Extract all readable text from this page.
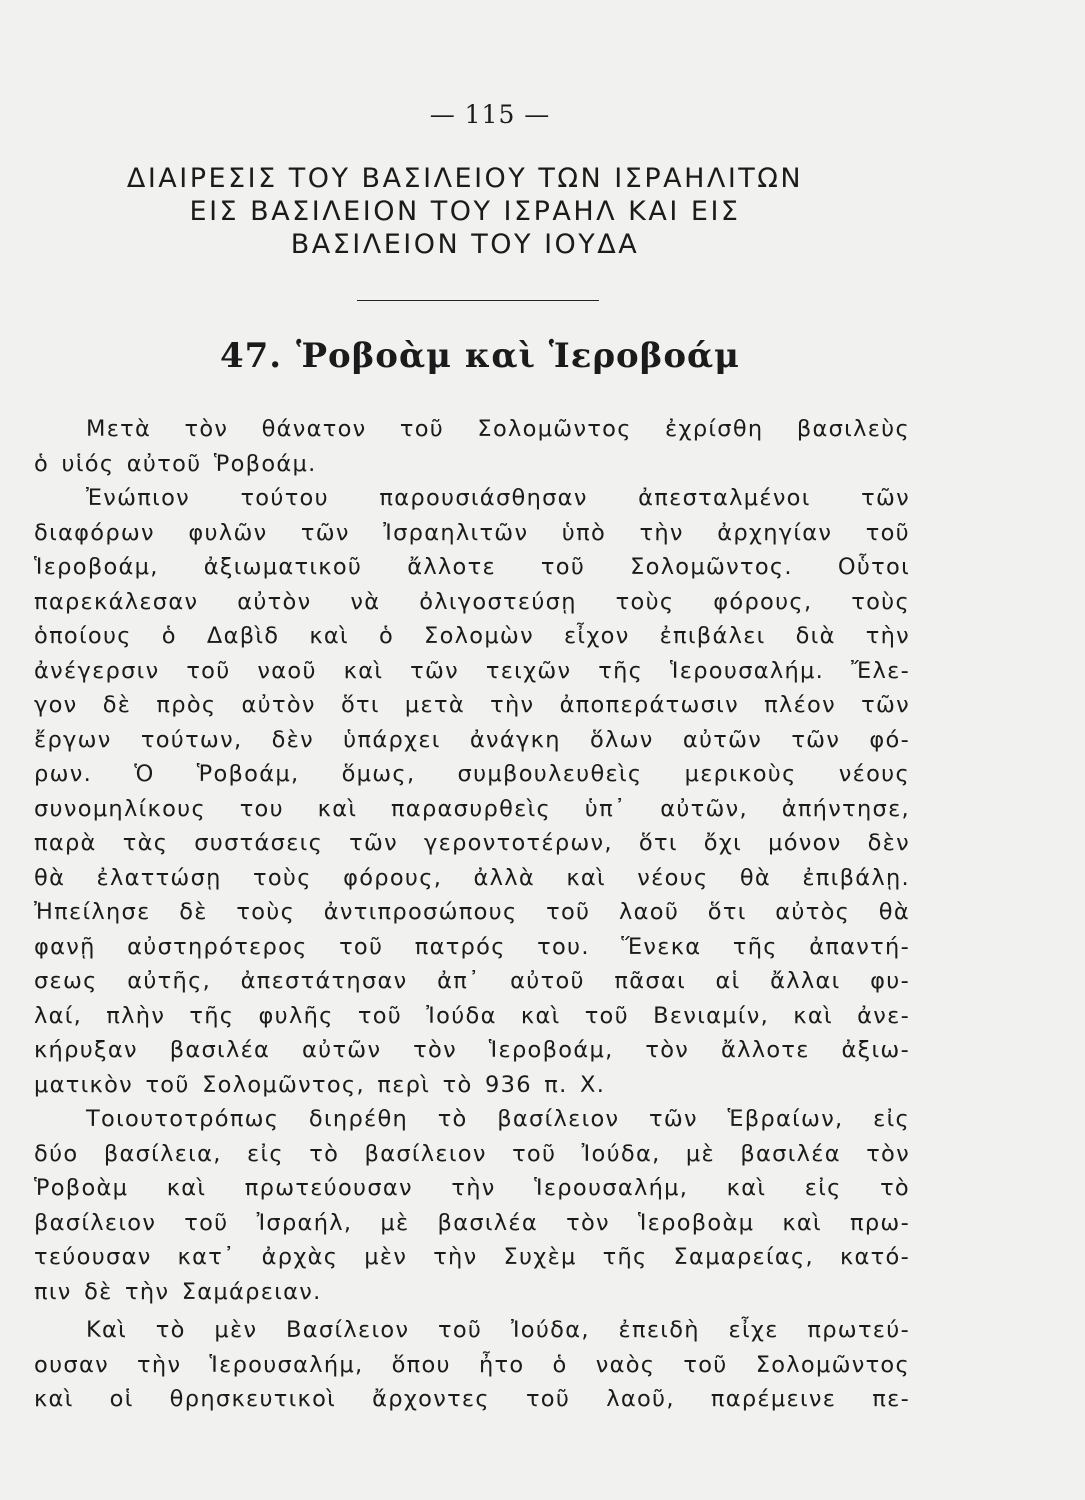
— 115 —
ΔΙΑΙΡΕΣΙΣ ΤΟΥ ΒΑΣΙΛΕΙΟΥ ΤΩΝ ΙΣΡΑΗΛΙΤΩΝ
ΕΙΣ ΒΑΣΙΛΕΙΟΝ ΤΟΥ ΙΣΡΑΗΛ ΚΑΙ ΕΙΣ
ΒΑΣΙΛΕΙΟΝ ΤΟΥ ΙΟΥΔΑ
47. Ῥοβοὰμ καὶ Ἱεροβοάμ
Μετὰ τὸν θάνατον τοῦ Σολομῶντος ἐχρίσθη βασιλεὺς
ὁ υἱός αὐτοῦ Ῥοβοάμ.
Ἐνώπιον τούτου παρουσιάσθησαν ἀπεσταλμένοι τῶν
διαφόρων φυλῶν τῶν Ἰσραηλιτῶν ὑπὸ τὴν ἀρχηγίαν τοῦ
Ἱεροβοάμ, ἀξιωματικοῦ ἄλλοτε τοῦ Σολομῶντος. Οὗτοι
παρεκάλεσαν αὐτὸν νὰ ὀλιγοστεύσῃ τοὺς φόρους, τοὺς
ὁποίους ὁ Δαβὶδ καὶ ὁ Σολομὼν εἶχον ἐπιβάλει διὰ τὴν
ἀνέγερσιν τοῦ ναοῦ καὶ τῶν τειχῶν τῆς Ἱερουσαλήμ. Ἔλε-
γον δὲ πρὸς αὐτὸν ὅτι μετὰ τὴν ἀποπεράτωσιν πλέον τῶν
ἔργων τούτων, δὲν ὑπάρχει ἀνάγκη ὅλων αὐτῶν τῶν φό-
ρων. Ὁ Ῥοβοάμ, ὅμως, συμβουλευθεὶς μερικοὺς νέους
συνομηλίκους του καὶ παρασυρθεὶς ὑπ᾽ αὐτῶν, ἀπήντησε,
παρὰ τὰς συστάσεις τῶν γεροντοτέρων, ὅτι ὄχι μόνον δὲν
θὰ ἐλαττώσῃ τοὺς φόρους, ἀλλὰ καὶ νέους θὰ ἐπιβάλῃ.
Ἠπείλησε δὲ τοὺς ἀντιπροσώπους τοῦ λαοῦ ὅτι αὐτὸς θὰ
φανῇ αὐστηρότερος τοῦ πατρός του. Ἕνεκα τῆς ἀπαντή-
σεως αὐτῆς, ἀπεστάτησαν ἀπ᾽ αὐτοῦ πᾶσαι αἱ ἄλλαι φυ-
λαί, πλὴν τῆς φυλῆς τοῦ Ἰούδα καὶ τοῦ Βενιαμίν, καὶ ἀνε-
κήρυξαν βασιλέα αὐτῶν τὸν Ἱεροβοάμ, τὸν ἄλλοτε ἀξιω-
ματικὸν τοῦ Σολομῶντος, περὶ τὸ 936 π. Χ.
Τοιουτοτρόπως διηρέθη τὸ βασίλειον τῶν Ἑβραίων, εἰς
δύο βασίλεια, εἰς τὸ βασίλειον τοῦ Ἰούδα, μὲ βασιλέα τὸν
Ῥοβοὰμ καὶ πρωτεύουσαν τὴν Ἱερουσαλήμ, καὶ εἰς τὸ
βασίλειον τοῦ Ἰσραήλ, μὲ βασιλέα τὸν Ἱεροβοὰμ καὶ πρω-
τεύουσαν κατ᾽ ἀρχὰς μὲν τὴν Συχὲμ τῆς Σαμαρείας, κατό-
πιν δὲ τὴν Σαμάρειαν.
Καὶ τὸ μὲν Βασίλειον τοῦ Ἰούδα, ἐπειδὴ εἶχε πρωτεύ-
ουσαν τὴν Ἱερουσαλήμ, ὅπου ἦτο ὁ ναὸς τοῦ Σολομῶντος
καὶ οἱ θρησκευτικοὶ ἄρχοντες τοῦ λαοῦ, παρέμεινε πε-
